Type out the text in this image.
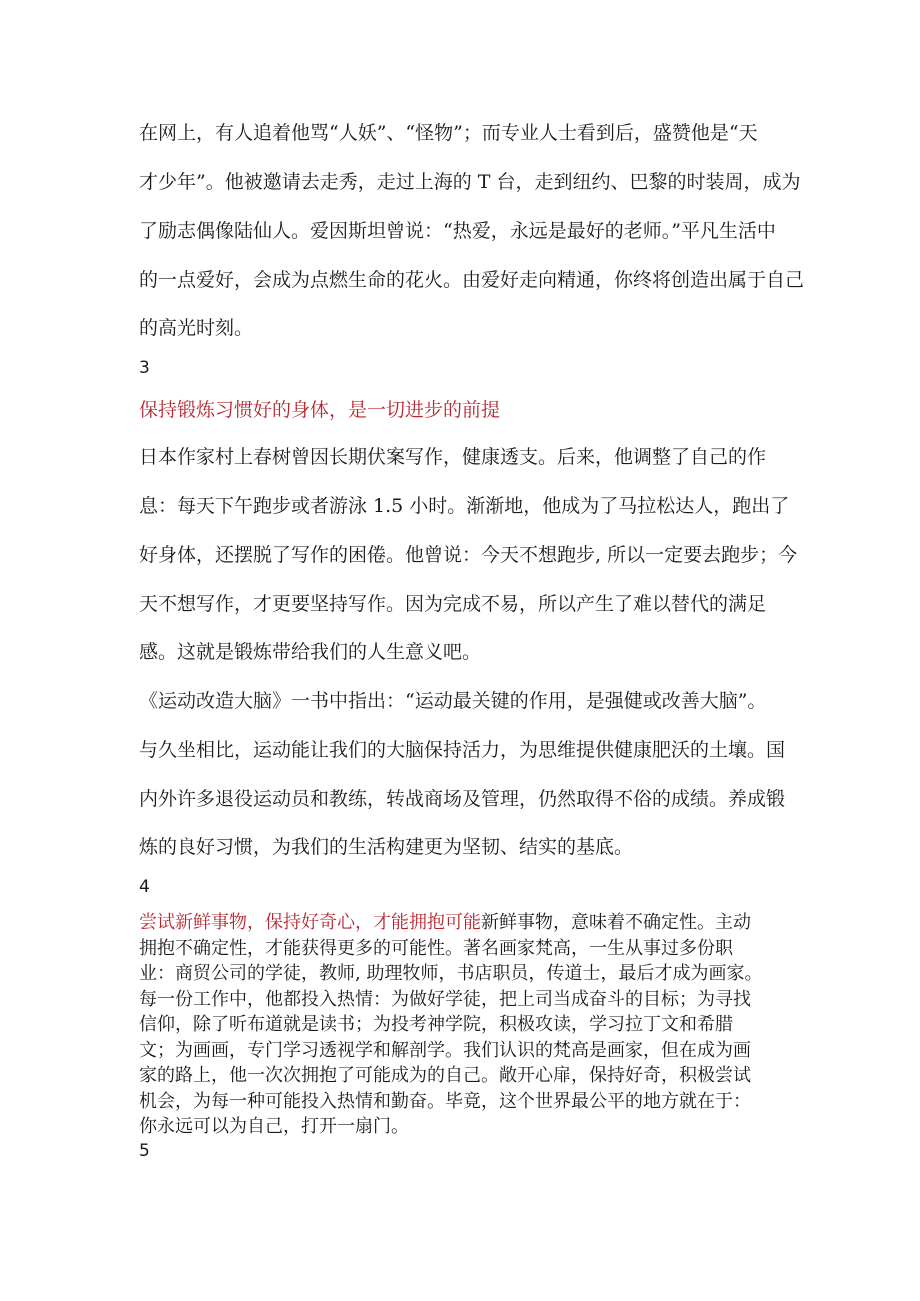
在网上，有人追着他骂“人妖”、“怪物”；而专业人士看到后，盛赞他是“天
才少年”。他被邀请去走秀，走过上海的 T 台，走到纽约、巴黎的时装周，成为
了励志偶像陆仙人。爱因斯坦曾说：“热爱，永远是最好的老师。”平凡生活中
的一点爱好，会成为点燃生命的花火。由爱好走向精通，你终将创造出属于自己
的高光时刻。
3
保持锻炼习惯好的身体，是一切进步的前提
日本作家村上春树曾因长期伏案写作，健康透支。后来，他调整了自己的作
息：每天下午跑步或者游泳 1.5 小时。渐渐地，他成为了马拉松达人，跑出了
好身体，还摆脱了写作的困倦。他曾说：今天不想跑步, 所以一定要去跑步；今
天不想写作，才更要坚持写作。因为完成不易，所以产生了难以替代的满足
感。这就是锻炼带给我们的人生意义吧。
《运动改造大脑》一书中指出：“运动最关键的作用，是强健或改善大脑”。
与久坐相比，运动能让我们的大脑保持活力，为思维提供健康肥沃的土壤。国
内外许多退役运动员和教练，转战商场及管理，仍然取得不俗的成绩。养成锻
炼的良好习惯，为我们的生活构建更为坚韧、结实的基底。
4
尝试新鲜事物，保持好奇心，才能拥抱可能新鲜事物，意味着不确定性。主动
拥抱不确定性，才能获得更多的可能性。著名画家梵高，一生从事过多份职
业：商贸公司的学徒，教师, 助理牧师，书店职员，传道士，最后才成为画家。
每一份工作中，他都投入热情：为做好学徒，把上司当成奋斗的目标；为寻找
信仰，除了听布道就是读书；为投考神学院，积极攻读，学习拉丁文和希腊
文；为画画，专门学习透视学和解剖学。我们认识的梵高是画家，但在成为画
家的路上，他一次次拥抱了可能成为的自己。敞开心扉，保持好奇，积极尝试
机会，为每一种可能投入热情和勤奋。毕竟，这个世界最公平的地方就在于：
你永远可以为自己，打开一扇门。
5
